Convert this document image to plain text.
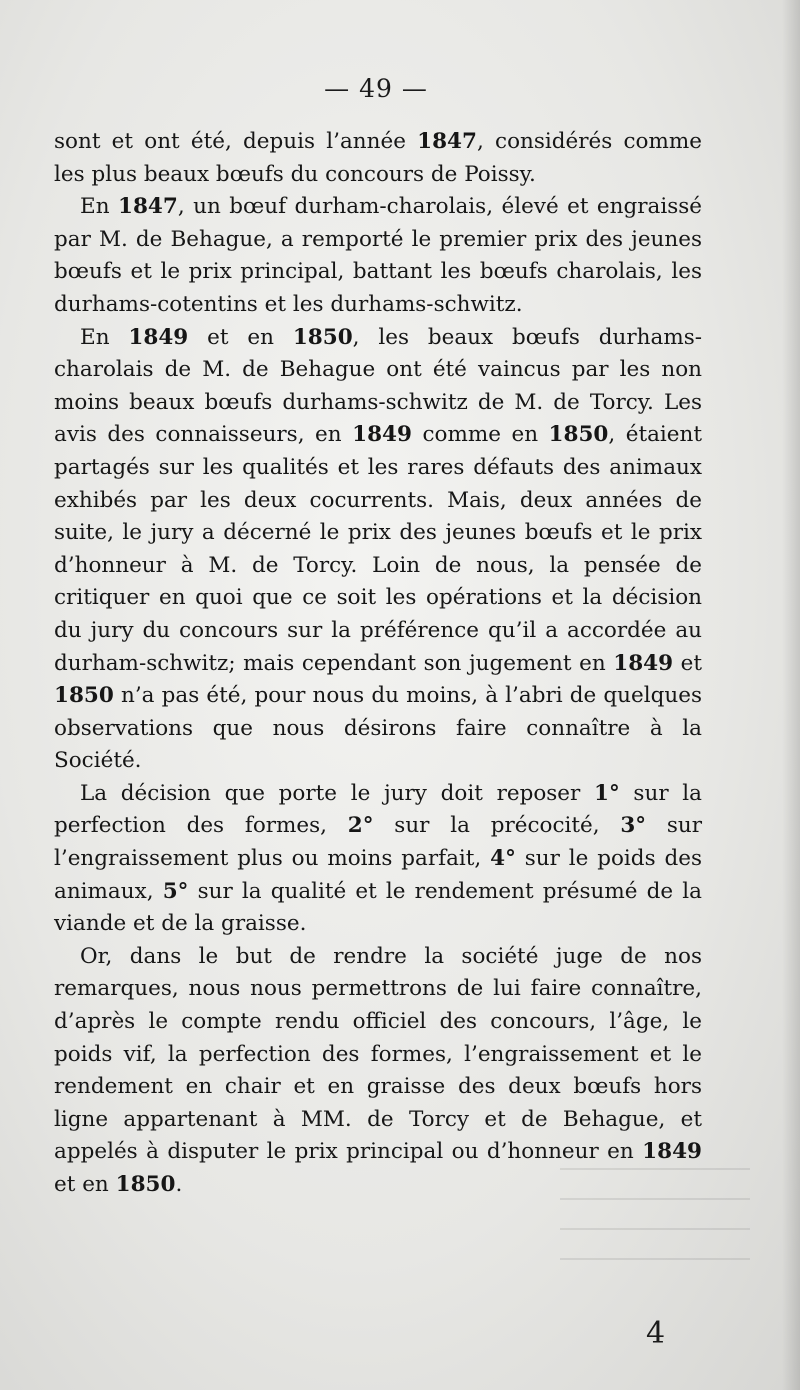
— 49 —

sont et ont été, depuis l’année 1847, considérés comme les plus beaux bœufs du concours de Poissy.

En 1847, un bœuf durham-charolais, élevé et engraissé par M. de Behague, a remporté le premier prix des jeunes bœufs et le prix principal, battant les bœufs charolais, les durhams-cotentins et les durhams-schwitz.

En 1849 et en 1850, les beaux bœufs durhams-charolais de M. de Behague ont été vaincus par les non moins beaux bœufs durhams-schwitz de M. de Torcy. Les avis des connaisseurs, en 1849 comme en 1850, étaient partagés sur les qualités et les rares défauts des animaux exhibés par les deux cocurrents. Mais, deux années de suite, le jury a décerné le prix des jeunes bœufs et le prix d’honneur à M. de Torcy. Loin de nous, la pensée de critiquer en quoi que ce soit les opérations et la décision du jury du concours sur la préférence qu’il a accordée au durham-schwitz; mais cependant son jugement en 1849 et 1850 n’a pas été, pour nous du moins, à l’abri de quelques observations que nous désirons faire connaître à la Société.

La décision que porte le jury doit reposer 1° sur la perfection des formes, 2° sur la précocité, 3° sur l’engraissement plus ou moins parfait, 4° sur le poids des animaux, 5° sur la qualité et le rendement présumé de la viande et de la graisse.

Or, dans le but de rendre la société juge de nos remarques, nous nous permettrons de lui faire connaître, d’après le compte rendu officiel des concours, l’âge, le poids vif, la perfection des formes, l’engraissement et le rendement en chair et en graisse des deux bœufs hors ligne appartenant à MM. de Torcy et de Behague, et appelés à disputer le prix principal ou d’honneur en 1849 et en 1850.

4
